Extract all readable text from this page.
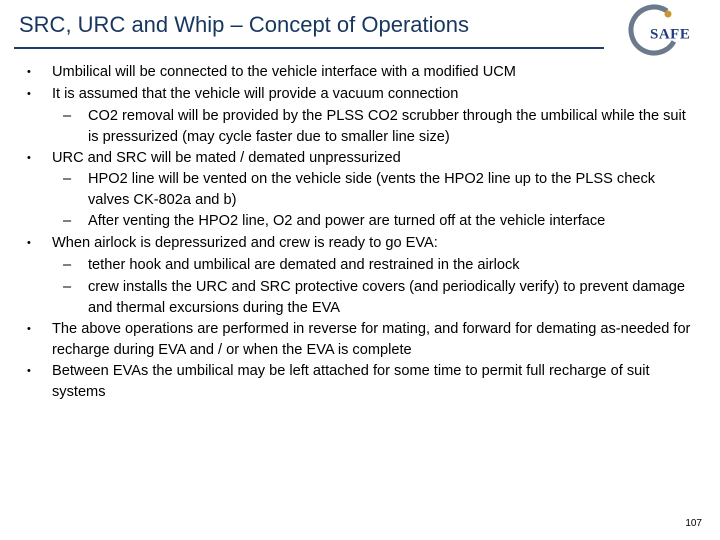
SRC, URC and Whip – Concept of Operations	SAFE
• Umbilical will be connected to the vehicle interface with a modified UCM
• It is assumed that the vehicle will provide a vacuum connection
– CO2 removal will be provided by the PLSS CO2 scrubber through the umbilical while the suit is pressurized (may cycle faster due to smaller line size)
• URC and SRC will be mated / demated unpressurized
– HPO2 line will be vented on the vehicle side (vents the HPO2 line up to the PLSS check valves CK-802a and b)
– After venting the HPO2 line, O2 and power are turned off at the vehicle interface
• When airlock is depressurized and crew is ready to go EVA:
– tether hook and umbilical are demated and restrained in the airlock
– crew installs the URC and SRC protective covers (and periodically verify) to prevent damage and thermal excursions during the EVA
• The above operations are performed in reverse for mating, and forward for demating as-needed for recharge during EVA and / or when the EVA is complete
• Between EVAs the umbilical may be left attached for some time to permit full recharge of suit systems
107
